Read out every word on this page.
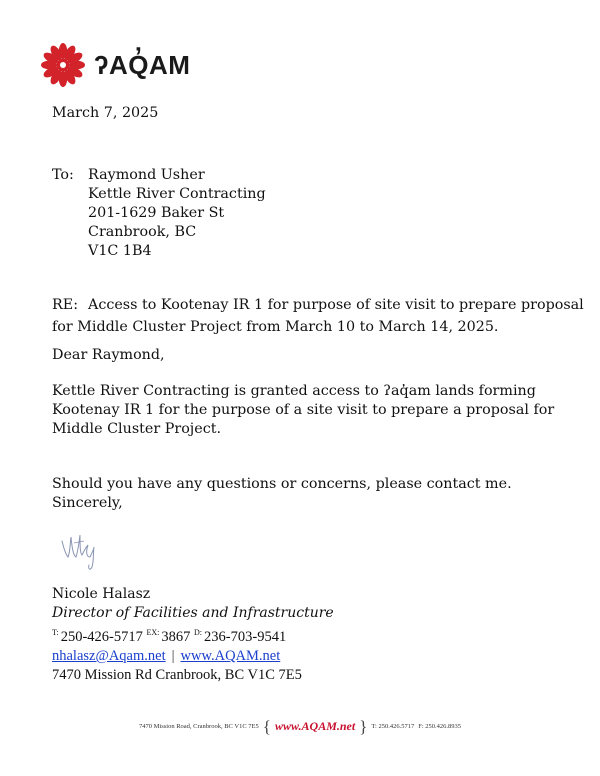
ʔAQ̓AM
March 7, 2025
To: Raymond Usher
Kettle River Contracting
201-1629 Baker St
Cranbrook, BC
V1C 1B4
RE: Access to Kootenay IR 1 for purpose of site visit to prepare proposal
for Middle Cluster Project from March 10 to March 14, 2025.
Dear Raymond,
Kettle River Contracting is granted access to ʔaq̓am lands forming
Kootenay IR 1 for the purpose of a site visit to prepare a proposal for
Middle Cluster Project.
Should you have any questions or concerns, please contact me.
Sincerely,
Nicole Halasz
Director of Facilities and Infrastructure
$^{T:}$ 250-426-5717 $^{EX:}$ 3867 $^{D:}$ 236-703-9541
nhalasz@Aqam.net | www.AQAM.net
7470 Mission Rd Cranbrook, BC V1C 7E5
7470 Mission Road, Cranbrook, BC V1C 7E5 { www.AQAM.net } T: 250.426.5717 F: 250.426.8935
